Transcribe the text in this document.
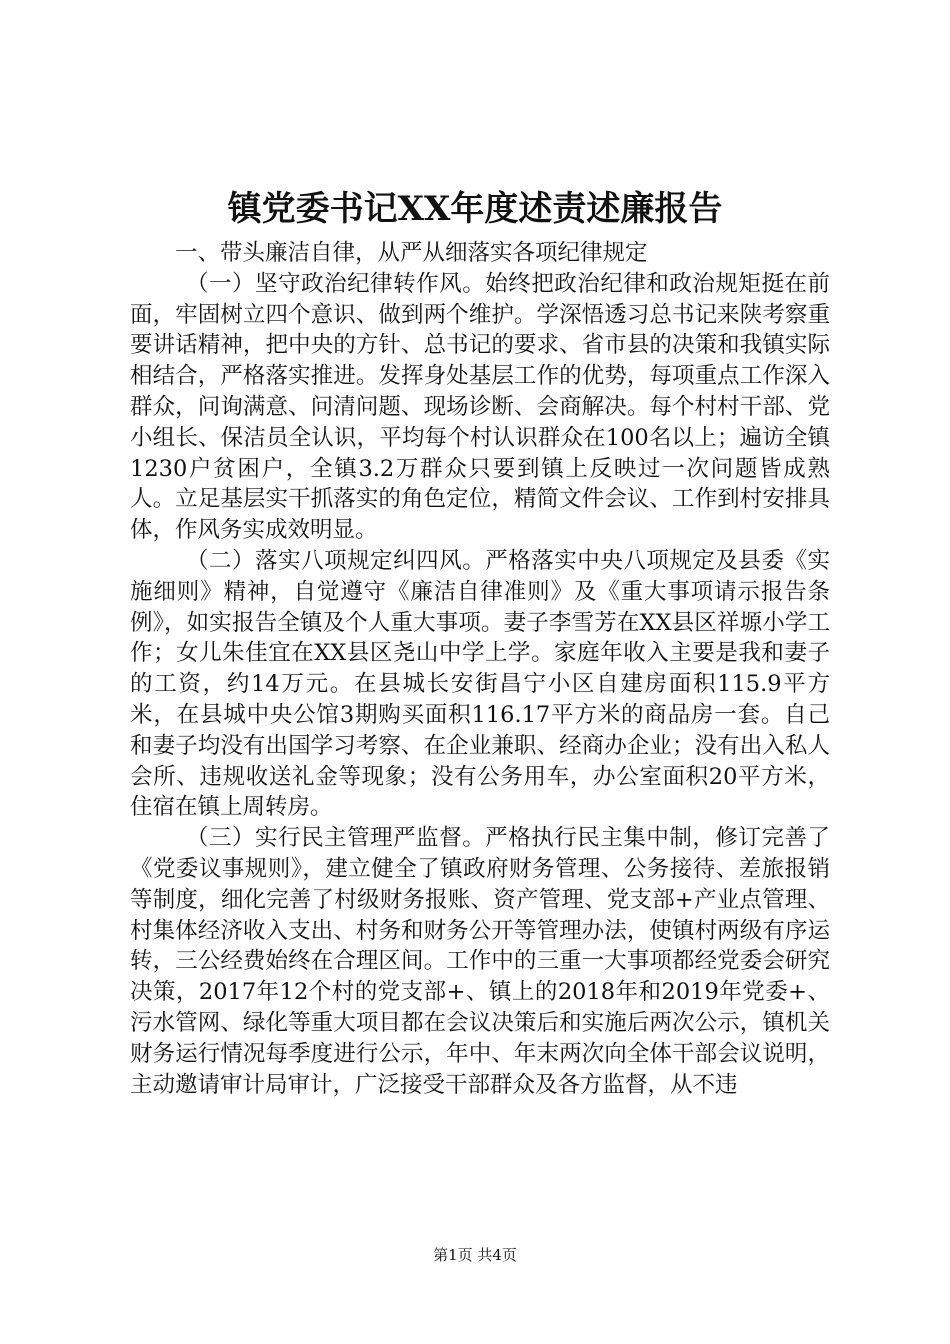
镇党委书记XX年度述责述廉报告

一、带头廉洁自律，从严从细落实各项纪律规定

（一）坚守政治纪律转作风。始终把政治纪律和政治规矩挺在前面，牢固树立四个意识、做到两个维护。学深悟透习总书记来陕考察重要讲话精神，把中央的方针、总书记的要求、省市县的决策和我镇实际相结合，严格落实推进。发挥身处基层工作的优势，每项重点工作深入群众，问询满意、问清问题、现场诊断、会商解决。每个村村干部、党小组长、保洁员全认识，平均每个村认识群众在100名以上；遍访全镇1230户贫困户，全镇3.2万群众只要到镇上反映过一次问题皆成熟人。立足基层实干抓落实的角色定位，精简文件会议、工作到村安排具体，作风务实成效明显。

（二）落实八项规定纠四风。严格落实中央八项规定及县委《实施细则》精神，自觉遵守《廉洁自律准则》及《重大事项请示报告条例》，如实报告全镇及个人重大事项。妻子李雪芳在XX县区祥塬小学工作；女儿朱佳宜在XX县区尧山中学上学。家庭年收入主要是我和妻子的工资，约14万元。在县城长安街昌宁小区自建房面积115.9平方米，在县城中央公馆3期购买面积116.17平方米的商品房一套。自己和妻子均没有出国学习考察、在企业兼职、经商办企业；没有出入私人会所、违规收送礼金等现象；没有公务用车，办公室面积20平方米，住宿在镇上周转房。

（三）实行民主管理严监督。严格执行民主集中制，修订完善了《党委议事规则》，建立健全了镇政府财务管理、公务接待、差旅报销等制度，细化完善了村级财务报账、资产管理、党支部+产业点管理、村集体经济收入支出、村务和财务公开等管理办法，使镇村两级有序运转，三公经费始终在合理区间。工作中的三重一大事项都经党委会研究决策，2017年12个村的党支部+、镇上的2018年和2019年党委+、污水管网、绿化等重大项目都在会议决策后和实施后两次公示，镇机关财务运行情况每季度进行公示，年中、年末两次向全体干部会议说明，主动邀请审计局审计，广泛接受干部群众及各方监督，从不违

第1页 共4页
